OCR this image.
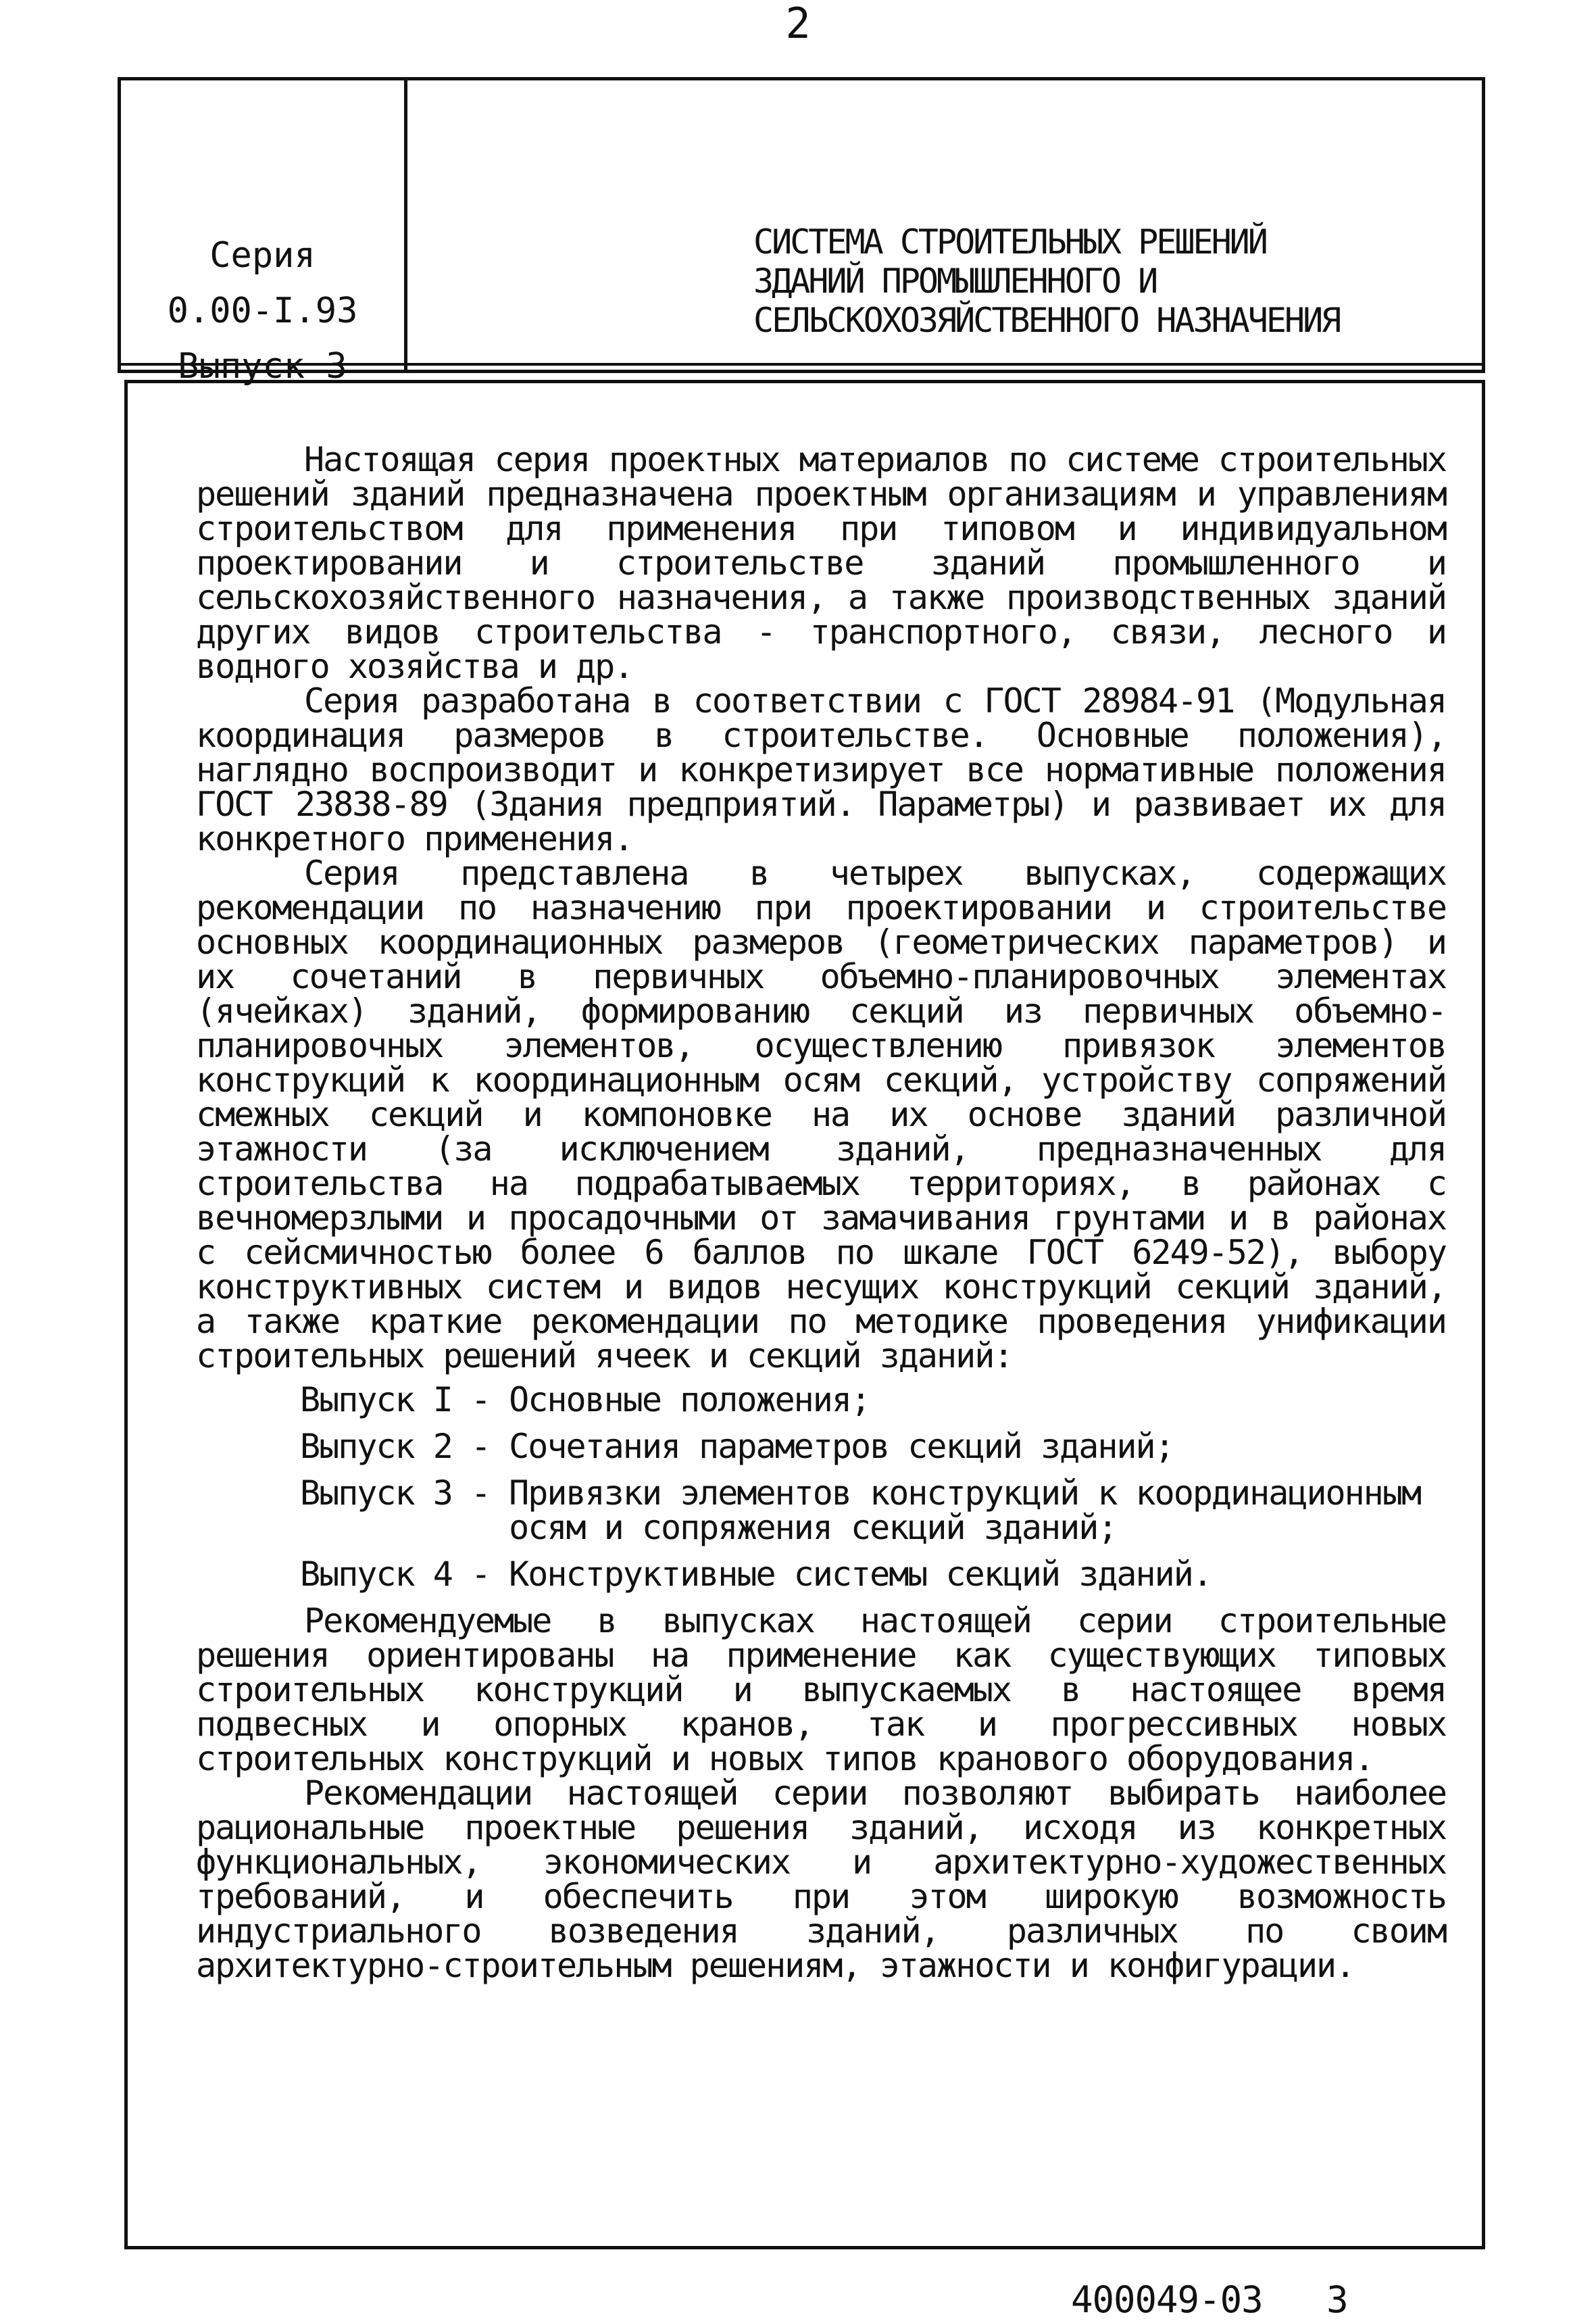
2
Серия
0.00-I.93
Выпуск 3
СИСТЕМА СТРОИТЕЛЬНЫХ РЕШЕНИЙ
ЗДАНИЙ ПРОМЫШЛЕННОГО И
СЕЛЬСКОХОЗЯЙСТВЕННОГО НАЗНАЧЕНИЯ

Настоящая серия проектных материалов по системе строительных решений зданий предназначена проектным организациям и управлениям строительством для применения при типовом и индивидуальном проектировании и строительстве зданий промышленного и сельскохозяйственного назначения, а также производственных зданий других видов строительства - транспортного, связи, лесного и водного хозяйства и др.

Серия разработана в соответствии с ГОСТ 28984-91 (Модульная координация размеров в строительстве. Основные положения), наглядно воспроизводит и конкретизирует все нормативные положения ГОСТ 23838-89 (Здания предприятий. Параметры) и развивает их для конкретного применения.

Серия представлена в четырех выпусках, содержащих рекомендации по назначению при проектировании и строительстве основных координационных размеров (геометрических параметров) и их сочетаний в первичных объемно-планировочных элементах (ячейках) зданий, формированию секций из первичных объемно-планировочных элементов, осуществлению привязок элементов конструкций к координационным осям секций, устройству сопряжений смежных секций и компоновке на их основе зданий различной этажности (за исключением зданий, предназначенных для строительства на подрабатываемых территориях, в районах с вечномерзлыми и просадочными от замачивания грунтами и в районах с сейсмичностью более 6 баллов по шкале ГОСТ 6249-52), выбору конструктивных систем и видов несущих конструкций секций зданий, а также краткие рекомендации по методике проведения унификации строительных решений ячеек и секций зданий:

Выпуск I - Основные положения;
Выпуск 2 - Сочетания параметров секций зданий;
Выпуск 3 - Привязки элементов конструкций к координационным осям и сопряжения секций зданий;
Выпуск 4 - Конструктивные системы секций зданий.

Рекомендуемые в выпусках настоящей серии строительные решения ориентированы на применение как существующих типовых строительных конструкций и выпускаемых в настоящее время подвесных и опорных кранов, так и прогрессивных новых строительных конструкций и новых типов кранового оборудования.

Рекомендации настоящей серии позволяют выбирать наиболее рациональные проектные решения зданий, исходя из конкретных функциональных, экономических и архитектурно-художественных требований, и обеспечить при этом широкую возможность индустриального возведения зданий, различных по своим архитектурно-строительным решениям, этажности и конфигурации.

400049-03   3
